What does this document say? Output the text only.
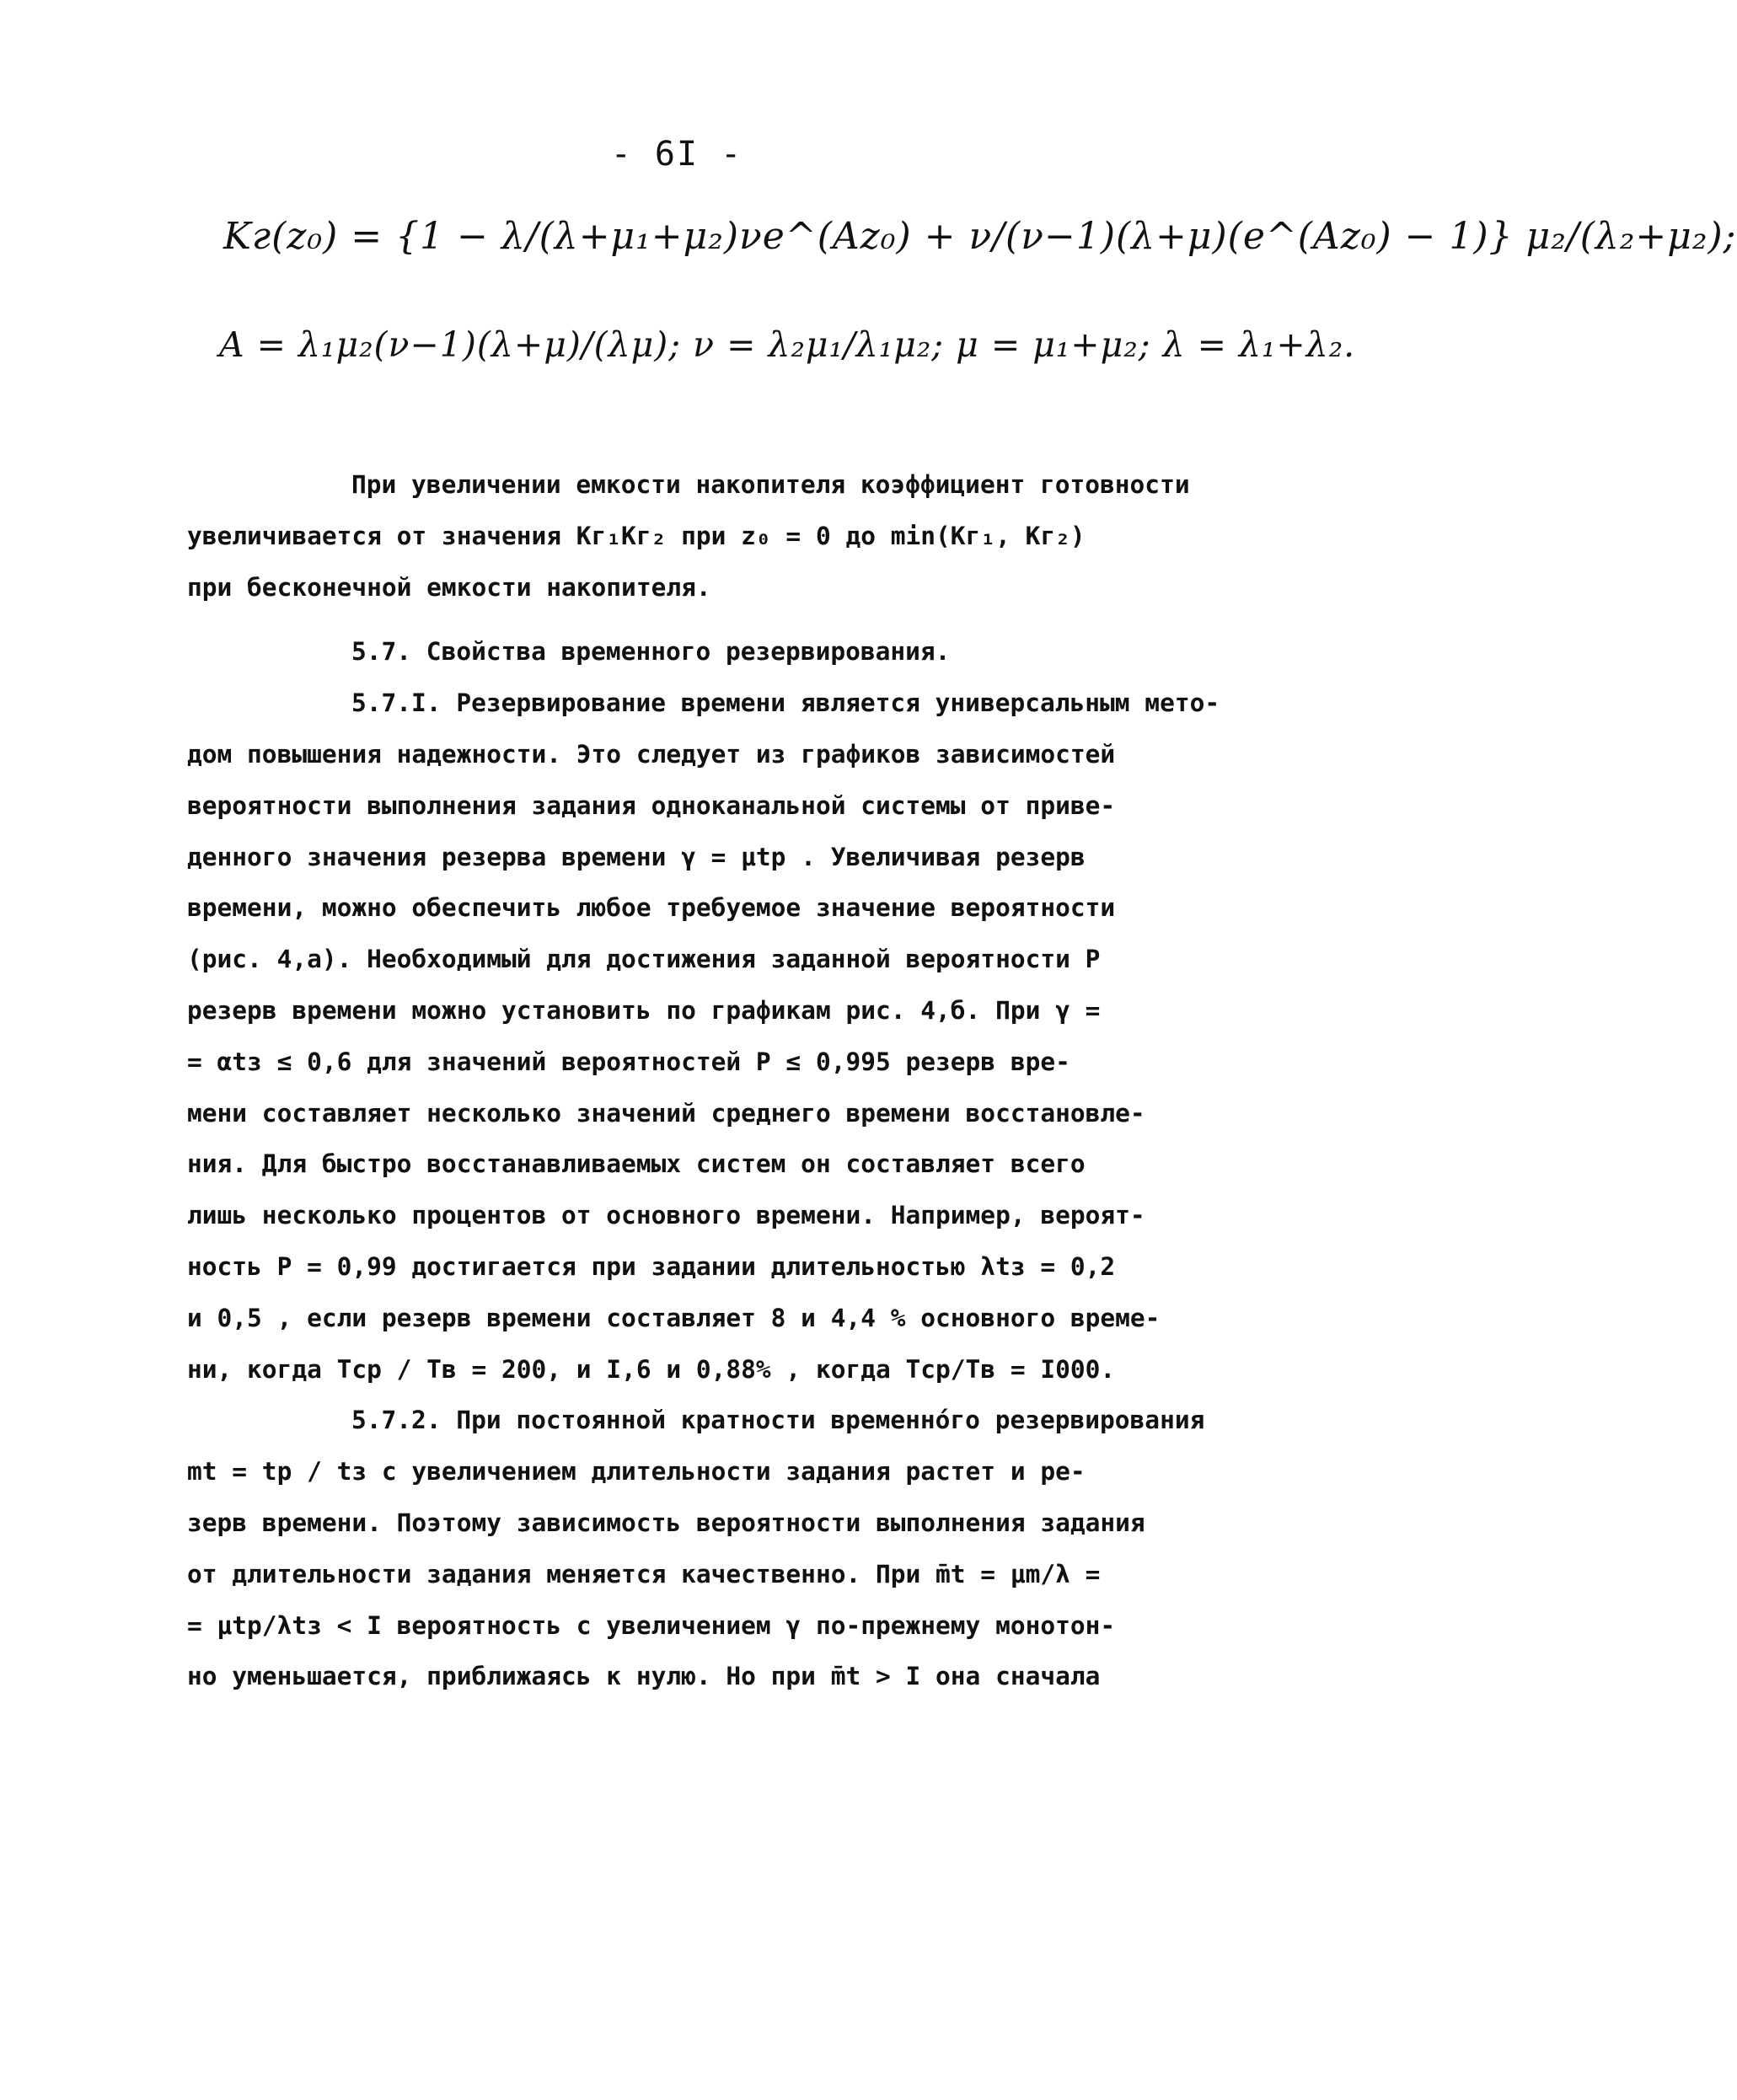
- 6I -
Kг(z₀) = {1 − λ/(λ+μ₁+μ₂)νe^(Az₀) + ν/(ν−1)(λ+μ)(e^(Az₀) − 1)} μ₂/(λ₂+μ₂);
A = λ₁μ₂(ν−1)(λ+μ)/(λμ); ν = λ₂μ₁/λ₁μ₂; μ = μ₁+μ₂; λ = λ₁+λ₂.

При увеличении емкости накопителя коэффициент готовности
увеличивается от значения Kг₁Kг₂ при z₀ = 0 до min(Kг₁, Kг₂)
при бесконечной емкости накопителя.

5.7. Свойства временного резервирования.

5.7.I. Резервирование времени является универсальным мето-
дом повышения надежности. Это следует из графиков зависимостей
вероятности выполнения задания одноканальной системы от приве-
денного значения резерва времени γ = μtр . Увеличивая резерв
времени, можно обеспечить любое требуемое значение вероятности
(рис. 4,а). Необходимый для достижения заданной вероятности P
резерв времени можно установить по графикам рис. 4,б. При γ =
= αtз ≤ 0,6 для значений вероятностей P ≤ 0,995 резерв вре-
мени составляет несколько значений среднего времени восстановле-
ния. Для быстро восстанавливаемых систем он составляет всего
лишь несколько процентов от основного времени. Например, вероят-
ность P = 0,99 достигается при задании длительностью λtз = 0,2
и 0,5 , если резерв времени составляет 8 и 4,4 % основного време-
ни, когда Tср / Tв = 200, и I,6 и 0,88% , когда Tср/Tв = I000.

5.7.2. При постоянной кратности временнóго резервирования
mt = tр / tз с увеличением длительности задания растет и ре-
зерв времени. Поэтому зависимость вероятности выполнения задания
от длительности задания меняется качественно. При m̄t = μm/λ =
= μtр/λtз < I вероятность с увеличением γ по-прежнему монотон-
но уменьшается, приближаясь к нулю. Но при m̄t > I она сначала
